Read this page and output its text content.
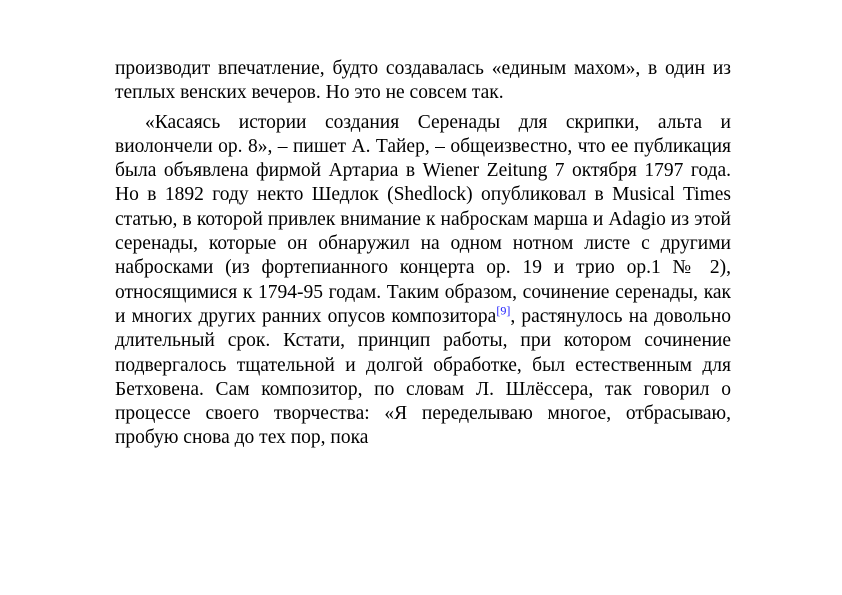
производит впечатление, будто создавалась «единым махом», в один из теплых венских вечеров. Но это не совсем так.

«Касаясь истории создания Серенады для скрипки, альта и виолончели ор. 8», – пишет А. Тайер, – общеизвестно, что ее публикация была объявлена фирмой Артариа в Wiener Zeitung 7 октября 1797 года. Но в 1892 году некто Шедлок (Shedlock) опубликовал в Musical Times статью, в которой привлек внимание к наброскам марша и Adagio из этой серенады, которые он обнаружил на одном нотном листе с другими набросками (из фортепианного концерта ор. 19 и трио ор.1 № 2), относящимися к 1794-95 годам. Таким образом, сочинение серенады, как и многих других ранних опусов композитора[9], растянулось на довольно длительный срок. Кстати, принцип работы, при котором сочинение подвергалось тщательной и долгой обработке, был естественным для Бетховена. Сам композитор, по словам Л. Шлёссера, так говорил о процессе своего творчества: «Я переделываю многое, отбрасываю, пробую снова до тех пор, пока
